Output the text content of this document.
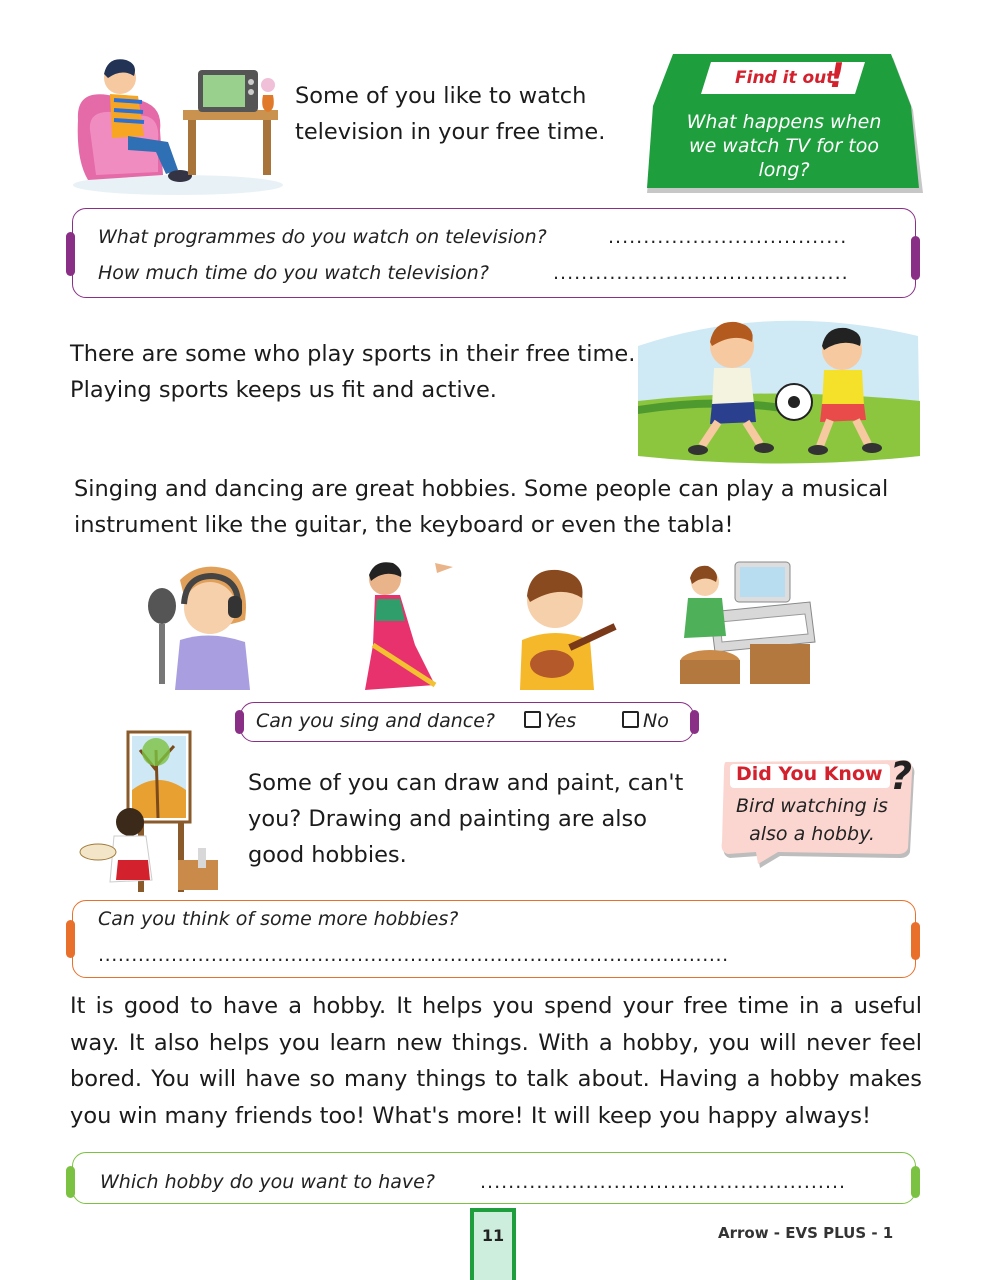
Some of you like to watch television in your free time.
Find it out
!
What happens when we watch TV for too long?
What programmes do you watch on television?	..................................
How much time do you watch television?	..........................................
There are some who play sports in their free time. Playing sports keeps us fit and active.
Singing and dancing are great hobbies. Some people can play a musical instrument like the guitar, the keyboard or even the tabla!
Can you sing and dance?	Yes	No
Some of you can draw and paint, can't you? Drawing and painting are also good hobbies.
Did You Know ?
Bird watching is also a hobby.
Can you think of some more hobbies?
...............................................................................................
It is good to have a hobby. It helps you spend your free time in a useful way. It also helps you learn new things. With a hobby, you will never feel bored. You will have so many things to talk about. Having a hobby makes you win many friends too! What's more! It will keep you happy always!
Which hobby do you want to have? ....................................................
11	Arrow - EVS PLUS - 1
